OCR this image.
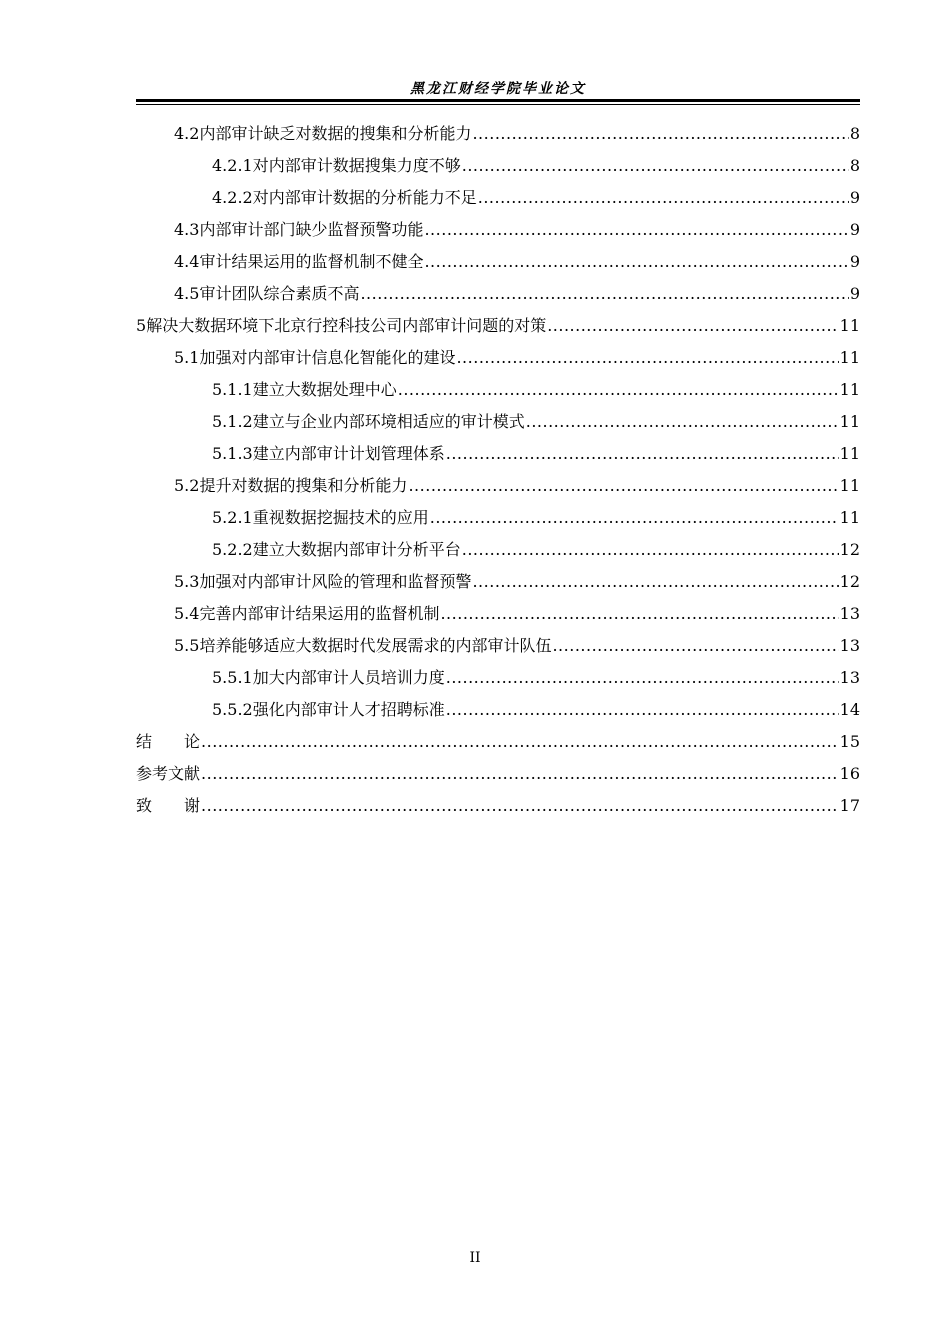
黑龙江财经学院毕业论文
4.2 内部审计缺乏对数据的搜集和分析能力 .....	8
4.2.1 对内部审计数据搜集力度不够 .....	8
4.2.2 对内部审计数据的分析能力不足 .....	9
4.3 内部审计部门缺少监督预警功能 .....	9
4.4 审计结果运用的监督机制不健全 .....	9
4.5 审计团队综合素质不高 .....	9
5 解决大数据环境下北京行控科技公司内部审计问题的对策 .....	11
5.1 加强对内部审计信息化智能化的建设 .....	11
5.1.1 建立大数据处理中心 .....	11
5.1.2 建立与企业内部环境相适应的审计模式 .....	11
5.1.3 建立内部审计计划管理体系 .....	11
5.2 提升对数据的搜集和分析能力 .....	11
5.2.1 重视数据挖掘技术的应用 .....	11
5.2.2 建立大数据内部审计分析平台 .....	12
5.3 加强对内部审计风险的管理和监督预警 .....	12
5.4 完善内部审计结果运用的监督机制 .....	13
5.5 培养能够适应大数据时代发展需求的内部审计队伍 .....	13
5.5.1 加大内部审计人员培训力度 .....	13
5.5.2 强化内部审计人才招聘标准 .....	14
结　　论 .....	15
参考文献 .....	16
致　　谢 .....	17
II
